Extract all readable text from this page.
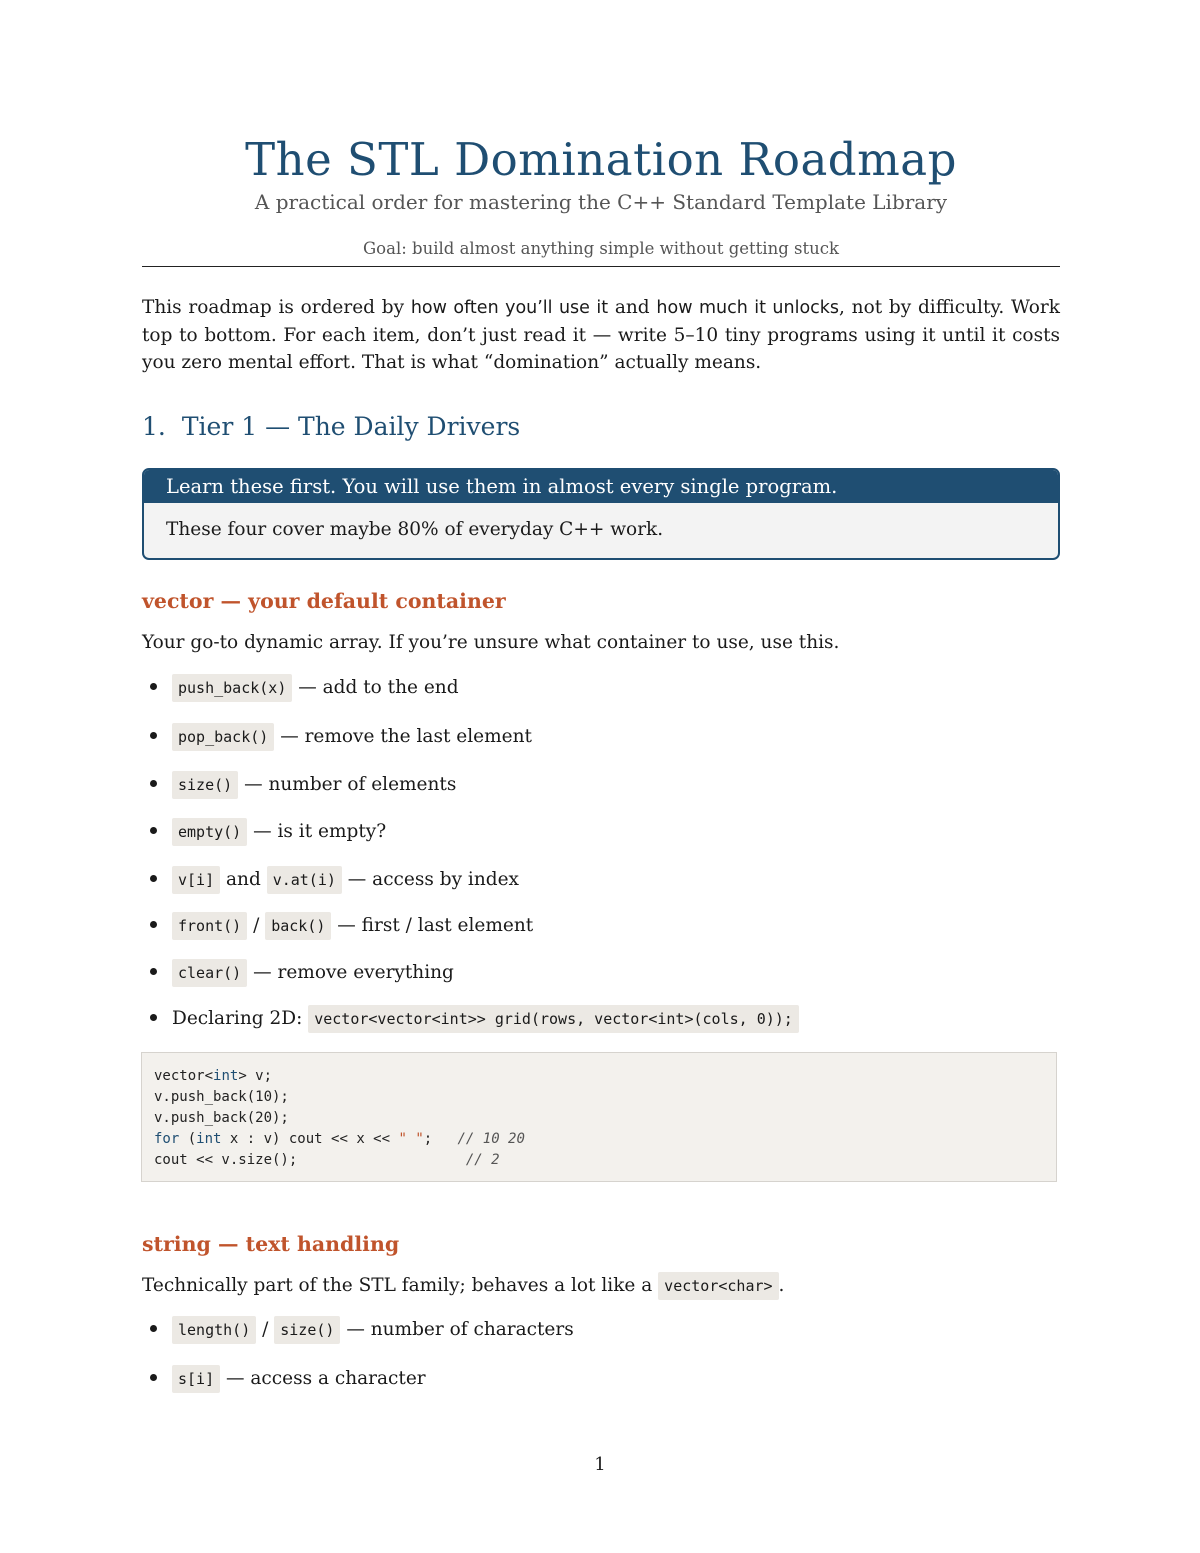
The STL Domination Roadmap
A practical order for mastering the C++ Standard Template Library
Goal: build almost anything simple without getting stuck
This roadmap is ordered by how often you’ll use it and how much it unlocks, not by difficulty. Work top to bottom. For each item, don’t just read it — write 5–10 tiny programs using it until it costs you zero mental effort. That is what “domination” actually means.
1. Tier 1 — The Daily Drivers
Learn these first. You will use them in almost every single program.
These four cover maybe 80% of everyday C++ work.
vector — your default container
Your go-to dynamic array. If you’re unsure what container to use, use this.
push_back(x) — add to the end
pop_back() — remove the last element
size() — number of elements
empty() — is it empty?
v[i] and v.at(i) — access by index
front() / back() — first / last element
clear() — remove everything
Declaring 2D: vector<vector<int>> grid(rows, vector<int>(cols, 0));
vector<int> v;
v.push_back(10);
v.push_back(20);
for (int x : v) cout << x << " ";   // 10 20
cout << v.size();                    // 2
string — text handling
Technically part of the STL family; behaves a lot like a vector<char> .
length() / size() — number of characters
s[i] — access a character
1
